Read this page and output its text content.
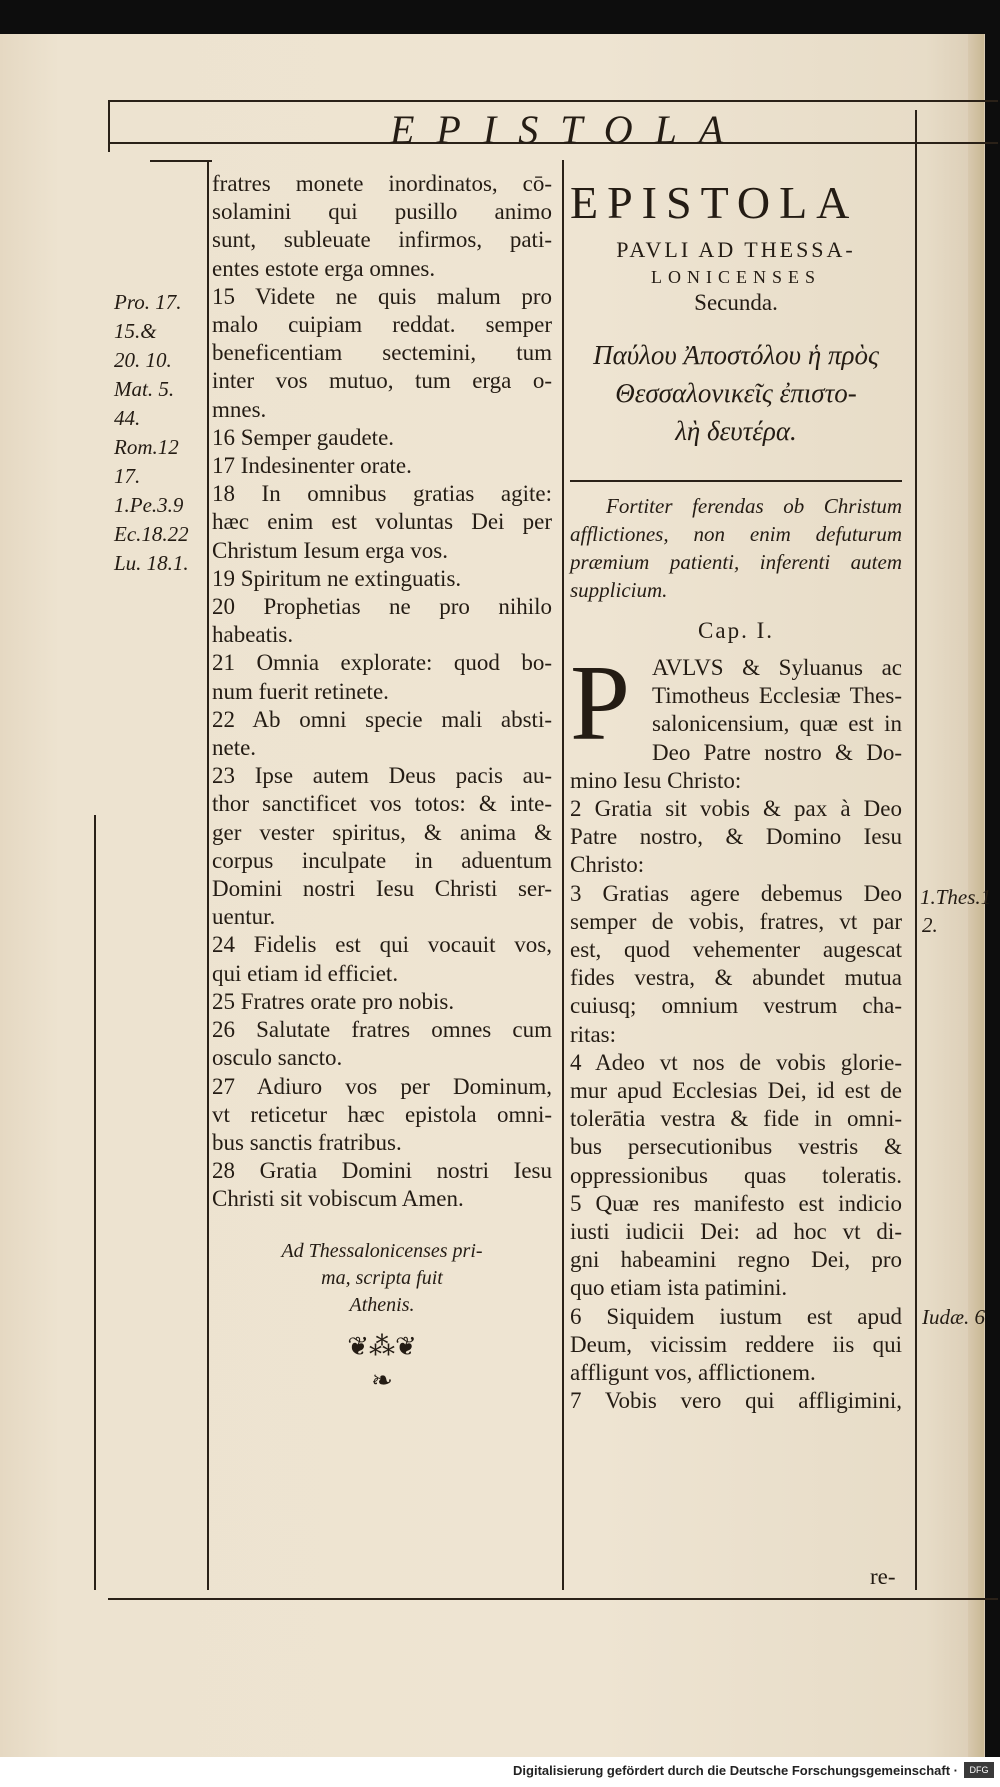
EPISTOLA
Pro. 17.
15.&
20. 10.
Mat. 5.
44.
Rom.12
17.
1.Pe.3.9
Ec.18.22
Lu. 18.1.
fratres monete inordinatos, cō-
solamini qui pusillo animo
sunt, subleuate infirmos, pati-
entes estote erga omnes.
15 Videte ne quis malum pro
malo cuipiam reddat. semper
beneficentiam sectemini, tum
inter vos mutuo, tum erga o-
mnes.
16 Semper gaudete.
17 Indesinenter orate.
18 In omnibus gratias agite:
hæc enim est voluntas Dei per
Christum Iesum erga vos.
19 Spiritum ne extinguatis.
20 Prophetias ne pro nihilo
habeatis.
21 Omnia explorate: quod bo-
num fuerit retinete.
22 Ab omni specie mali absti-
nete.
23 Ipse autem Deus pacis au-
thor sanctificet vos totos: & inte-
ger vester spiritus, & anima &
corpus inculpate in aduentum
Domini nostri Iesu Christi ser-
uentur.
24 Fidelis est qui vocauit vos,
qui etiam id efficiet.
25 Fratres orate pro nobis.
26 Salutate fratres omnes cum
osculo sancto.
27 Adiuro vos per Dominum,
vt reticetur hæc epistola omni-
bus sanctis fratribus.
28 Gratia Domini nostri Iesu
Christi sit vobiscum Amen.
Ad Thessalonicenses pri-
ma, scripta fuit
Athenis.
❦⁂❦
❧
EPISTOLA
PAVLI AD THESSA-
LONICENSES
Secunda.
Παύλου Ἀποστόλου ἡ πρὸς
Θεσσαλονικεῖς ἐπιστο-
λὴ δευτέρα.
Fortiter ferendas ob Christum
afflictiones, non enim defuturum
præmium patienti, inferenti autem
supplicium.
Cap. I.
P AVLVS & Syluanus ac
Timotheus Ecclesiæ Thes-
salonicensium, quæ est in
Deo Patre nostro & Do-
mino Iesu Christo:
2 Gratia sit vobis & pax à Deo
Patre nostro, & Domino Iesu
Christo:
3 Gratias agere debemus Deo
semper de vobis, fratres, vt par
est, quod vehementer augescat
fides vestra, & abundet mutua
cuiusq; omnium vestrum cha-
ritas:
4 Adeo vt nos de vobis glorie-
mur apud Ecclesias Dei, id est de
tolerātia vestra & fide in omni-
bus persecutionibus vestris &
oppressionibus quas toleratis.
5 Quæ res manifesto est indicio
iusti iudicii Dei: ad hoc vt di-
gni habeamini regno Dei, pro
quo etiam ista patimini.
6 Siquidem iustum est apud
Deum, vicissim reddere iis qui
affligunt vos, afflictionem.
7 Vobis vero qui affligimini,
1.Thes.1
2.
Iudæ. 6
re-
Digitalisierung gefördert durch die Deutsche Forschungsgemeinschaft ·	DFG
